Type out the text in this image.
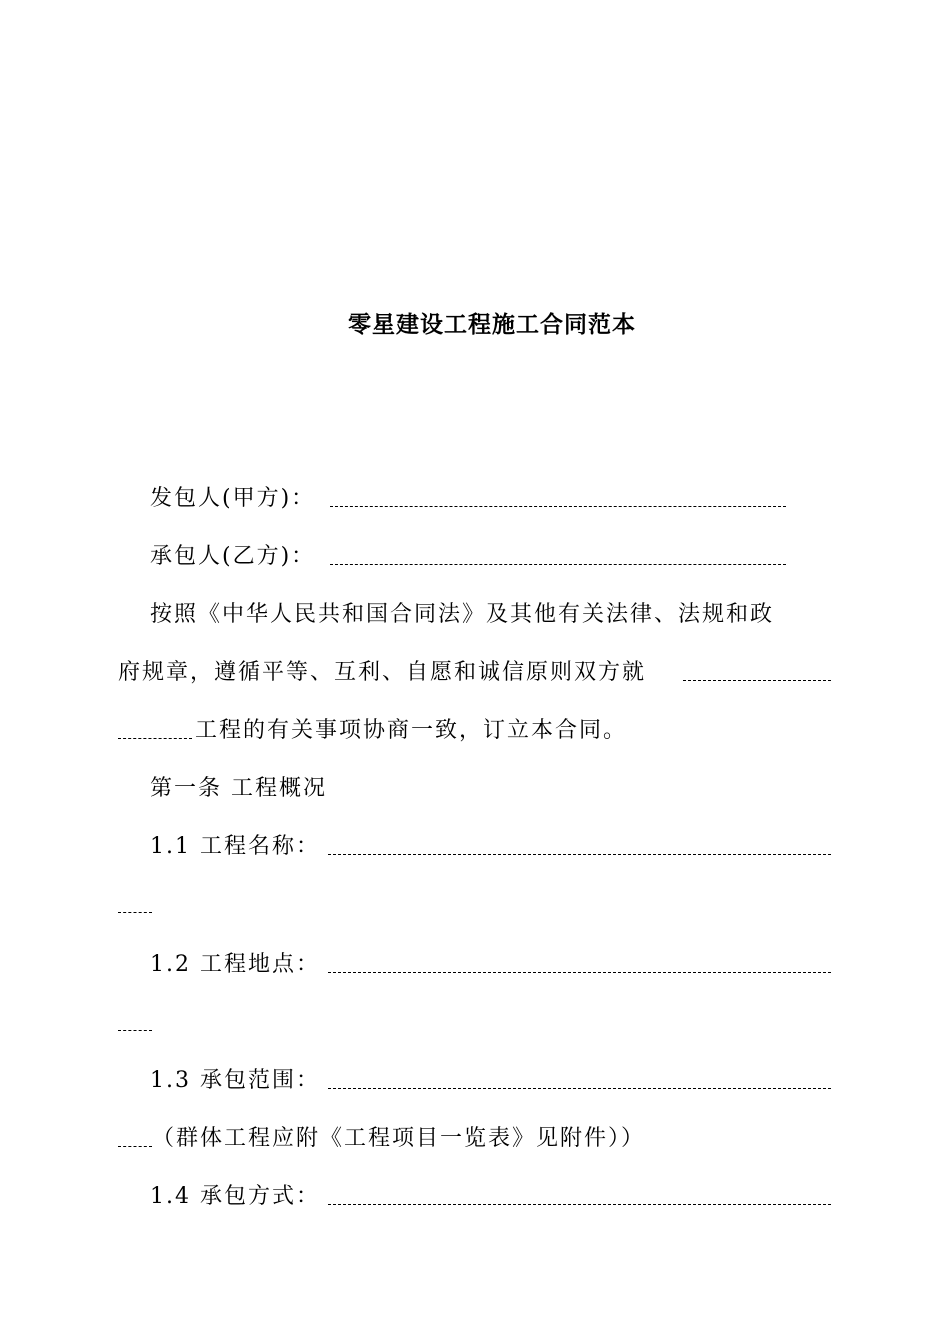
零星建设工程施工合同范本
发包人(甲方)：
承包人(乙方)：
按照《中华人民共和国合同法》及其他有关法律、法规和政
府规章，遵循平等、互利、自愿和诚信原则双方就
工程的有关事项协商一致，订立本合同。
第一条 工程概况
1.1 工程名称：
1.2 工程地点：
1.3 承包范围：
（群体工程应附《工程项目一览表》见附件））
1.4 承包方式：
